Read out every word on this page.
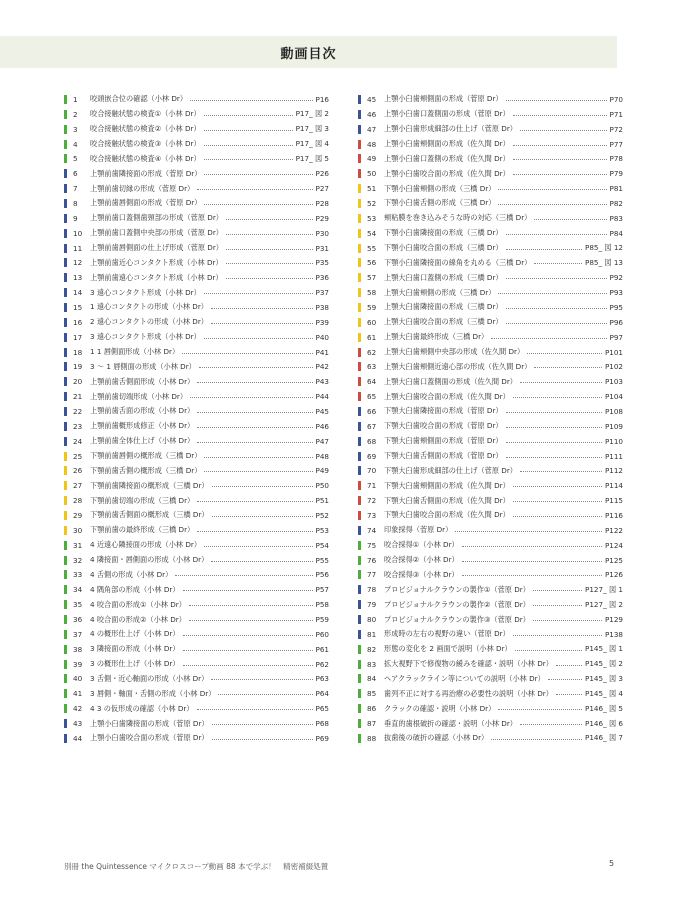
動画目次
1	咬頭嵌合位の確認（小林 Dr）	P16
2	咬合接触状態の検査①（小林 Dr）	P17_ 図 2
3	咬合接触状態の検査②（小林 Dr）	P17_ 図 3
4	咬合接触状態の検査③（小林 Dr）	P17_ 図 4
5	咬合接触状態の検査④（小林 Dr）	P17_ 図 5
6	上顎前歯隣接面の形成（菅原 Dr）	P26
7	上顎前歯切縁の形成（菅原 Dr）	P27
8	上顎前歯唇側面の形成（菅原 Dr）	P28
9	上顎前歯口蓋側歯頸部の形成（菅原 Dr）	P29
10	上顎前歯口蓋側中央部の形成（菅原 Dr）	P30
11	上顎前歯唇側面の仕上げ形成（菅原 Dr）	P31
12	上顎前歯近心コンタクト形成（小林 Dr）	P35
13	上顎前歯遠心コンタクト形成（小林 Dr）	P36
14	3 遠心コンタクト形成（小林 Dr）	P37
15	1 遠心コンタクトの形成（小林 Dr）	P38
16	2 遠心コンタクトの形成（小林 Dr）	P39
17	3 遠心コンタクト形成（小林 Dr）	P40
18	1 1 唇側面形成（小林 Dr）	P41
19	3 ～ 1 唇側面の形成（小林 Dr）	P42
20	上顎前歯舌側面形成（小林 Dr）	P43
21	上顎前歯切端形成（小林 Dr）	P44
22	上顎前歯舌面の形成（小林 Dr）	P45
23	上顎前歯概形成修正（小林 Dr）	P46
24	上顎前歯全体仕上げ（小林 Dr）	P47
25	下顎前歯唇側の概形成（三橋 Dr）	P48
26	下顎前歯舌側の概形成（三橋 Dr）	P49
27	下顎前歯隣接面の概形成（三橋 Dr）	P50
28	下顎前歯切端の形成（三橋 Dr）	P51
29	下顎前歯舌側面の概形成（三橋 Dr）	P52
30	下顎前歯の最終形成（三橋 Dr）	P53
31	4 近遠心隣接面の形成（小林 Dr）	P54
32	4 隣接面・唇側面の形成（小林 Dr）	P55
33	4 舌側の形成（小林 Dr）	P56
34	4 隅角部の形成（小林 Dr）	P57
35	4 咬合面の形成①（小林 Dr）	P58
36	4 咬合面の形成②（小林 Dr）	P59
37	4 の概形仕上げ（小林 Dr）	P60
38	3 隣接面の形成（小林 Dr）	P61
39	3 の概形仕上げ（小林 Dr）	P62
40	3 舌側・近心軸面の形成（小林 Dr）	P63
41	3 唇側・軸面・舌側の形成（小林 Dr）	P64
42	4 3 の仮形成の確認（小林 Dr）	P65
43	上顎小臼歯隣接面の形成（菅原 Dr）	P68
44	上顎小臼歯咬合面の形成（菅原 Dr）	P69
45	上顎小臼歯頬側面の形成（菅原 Dr）	P70
46	上顎小臼歯口蓋側面の形成（菅原 Dr）	P71
47	上顎小臼歯形成細部の仕上げ（菅原 Dr）	P72
48	上顎小臼歯頬側面の形成（佐久間 Dr）	P77
49	上顎小臼歯口蓋側の形成（佐久間 Dr）	P78
50	上顎小臼歯咬合面の形成（佐久間 Dr）	P79
51	下顎小臼歯頬側の形成（三橋 Dr）	P81
52	下顎小臼歯舌側の形成（三橋 Dr）	P82
53	頬粘膜を巻き込みそうな時の対応（三橋 Dr）	P83
54	下顎小臼歯隣接面の形成（三橋 Dr）	P84
55	下顎小臼歯咬合面の形成（三橋 Dr）	P85_ 図 12
56	下顎小臼歯隣接面の線角を丸める（三橋 Dr）	P85_ 図 13
57	上顎大臼歯口蓋側の形成（三橋 Dr）	P92
58	上顎大臼歯頬側の形成（三橋 Dr）	P93
59	上顎大臼歯隣接面の形成（三橋 Dr）	P95
60	上顎大臼歯咬合面の形成（三橋 Dr）	P96
61	上顎大臼歯最終形成（三橋 Dr）	P97
62	上顎大臼歯頬側中央部の形成（佐久間 Dr）	P101
63	上顎大臼歯頬側近遠心部の形成（佐久間 Dr）	P102
64	上顎大臼歯口蓋側面の形成（佐久間 Dr）	P103
65	上顎大臼歯咬合面の形成（佐久間 Dr）	P104
66	下顎大臼歯隣接面の形成（菅原 Dr）	P108
67	下顎大臼歯咬合面の形成（菅原 Dr）	P109
68	下顎大臼歯頬側面の形成（菅原 Dr）	P110
69	下顎大臼歯舌側面の形成（菅原 Dr）	P111
70	下顎大臼歯形成細部の仕上げ（菅原 Dr）	P112
71	下顎大臼歯頬側面の形成（佐久間 Dr）	P114
72	下顎大臼歯舌側面の形成（佐久間 Dr）	P115
73	下顎大臼歯咬合面の形成（佐久間 Dr）	P116
74	印象採得（菅原 Dr）	P122
75	咬合採得①（小林 Dr）	P124
76	咬合採得②（小林 Dr）	P125
77	咬合採得③（小林 Dr）	P126
78	プロビジョナルクラウンの製作①（菅原 Dr）	P127_ 図 1
79	プロビジョナルクラウンの製作②（菅原 Dr）	P127_ 図 2
80	プロビジョナルクラウンの製作③（菅原 Dr）	P129
81	形成時の左右の視野の違い（菅原 Dr）	P138
82	形態の変化を 2 画面で説明（小林 Dr）	P145_ 図 1
83	拡大視野下で修復物の緩みを確認・説明（小林 Dr）	P145_ 図 2
84	ヘアクラックライン等についての説明（小林 Dr）	P145_ 図 3
85	歯列不正に対する再治療の必要性の説明（小林 Dr）	P145_ 図 4
86	クラックの確認・説明（小林 Dr）	P146_ 図 5
87	垂直的歯根破折の確認・説明（小林 Dr）	P146_ 図 6
88	抜歯後の破折の確認（小林 Dr）	P146_ 図 7
別冊 the Quintessence マイクロスコープ動画 88 本で学ぶ！　精密補綴処置	5
